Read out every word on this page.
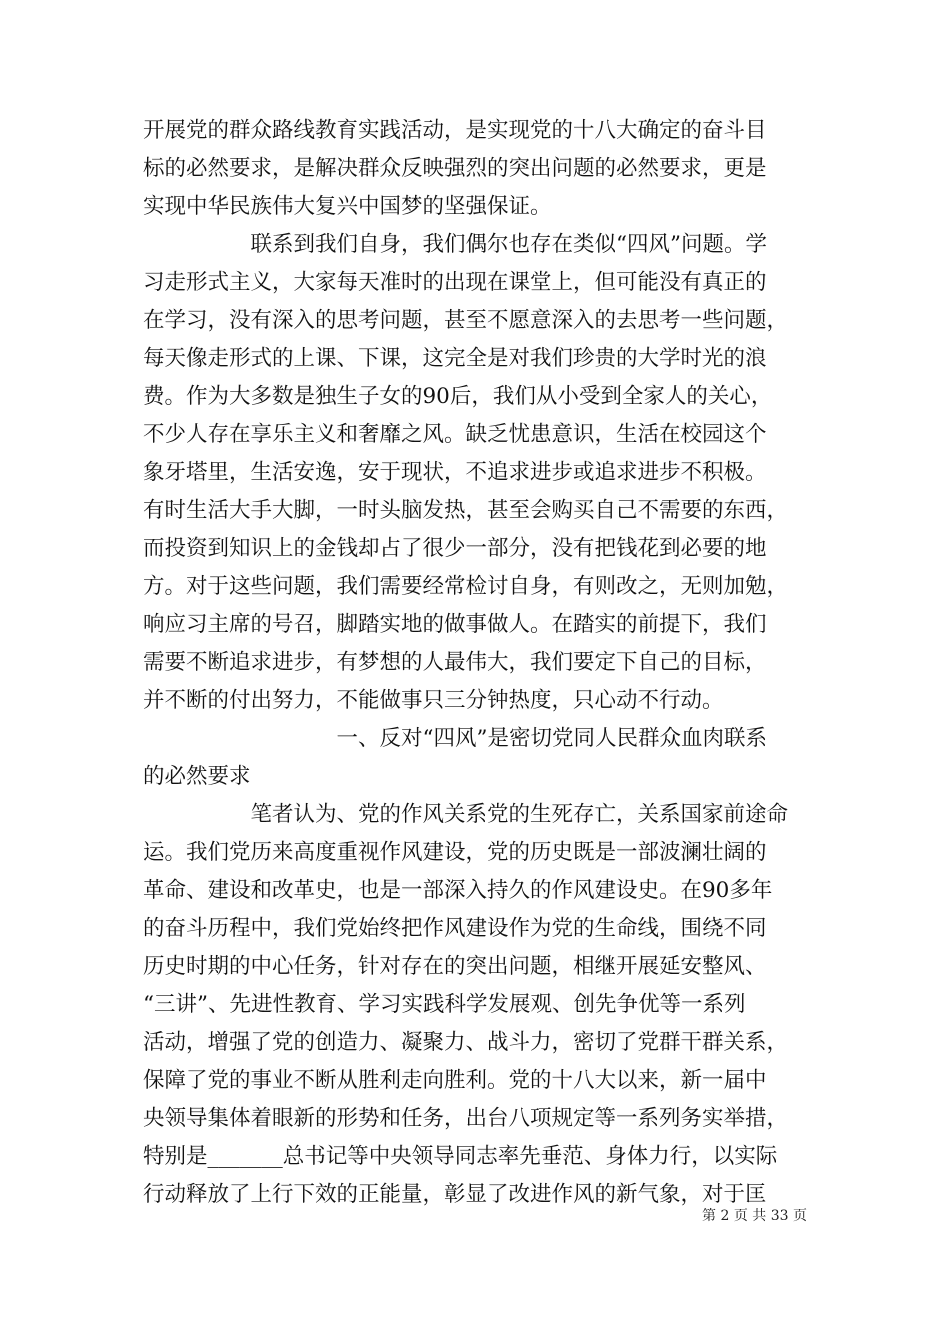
开展党的群众路线教育实践活动，是实现党的十八大确定的奋斗目
标的必然要求，是解决群众反映强烈的突出问题的必然要求，更是
实现中华民族伟大复兴中国梦的坚强保证。
　　　　　联系到我们自身，我们偶尔也存在类似“四风”问题。学
习走形式主义，大家每天准时的出现在课堂上，但可能没有真正的
在学习，没有深入的思考问题，甚至不愿意深入的去思考一些问题，
每天像走形式的上课、下课，这完全是对我们珍贵的大学时光的浪
费。作为大多数是独生子女的90后，我们从小受到全家人的关心，
不少人存在享乐主义和奢靡之风。缺乏忧患意识，生活在校园这个
象牙塔里，生活安逸，安于现状，不追求进步或追求进步不积极。
有时生活大手大脚，一时头脑发热，甚至会购买自己不需要的东西，
而投资到知识上的金钱却占了很少一部分，没有把钱花到必要的地
方。对于这些问题，我们需要经常检讨自身，有则改之，无则加勉，
响应习主席的号召，脚踏实地的做事做人。在踏实的前提下，我们
需要不断追求进步，有梦想的人最伟大，我们要定下自己的目标，
并不断的付出努力，不能做事只三分钟热度，只心动不行动。
　　　　　　　　　一、反对“四风”是密切党同人民群众血肉联系
的必然要求
　　　　　笔者认为、党的作风关系党的生死存亡，关系国家前途命
运。我们党历来高度重视作风建设，党的历史既是一部波澜壮阔的
革命、建设和改革史，也是一部深入持久的作风建设史。在90多年
的奋斗历程中，我们党始终把作风建设作为党的生命线，围绕不同
历史时期的中心任务，针对存在的突出问题，相继开展延安整风、
“三讲”、先进性教育、学习实践科学发展观、创先争优等一系列
活动，增强了党的创造力、凝聚力、战斗力，密切了党群干群关系，
保障了党的事业不断从胜利走向胜利。党的十八大以来，新一届中
央领导集体着眼新的形势和任务，出台八项规定等一系列务实举措，
特别是_______总书记等中央领导同志率先垂范、身体力行，以实际
行动释放了上行下效的正能量，彰显了改进作风的新气象，对于匡
第 2 页 共 33 页
